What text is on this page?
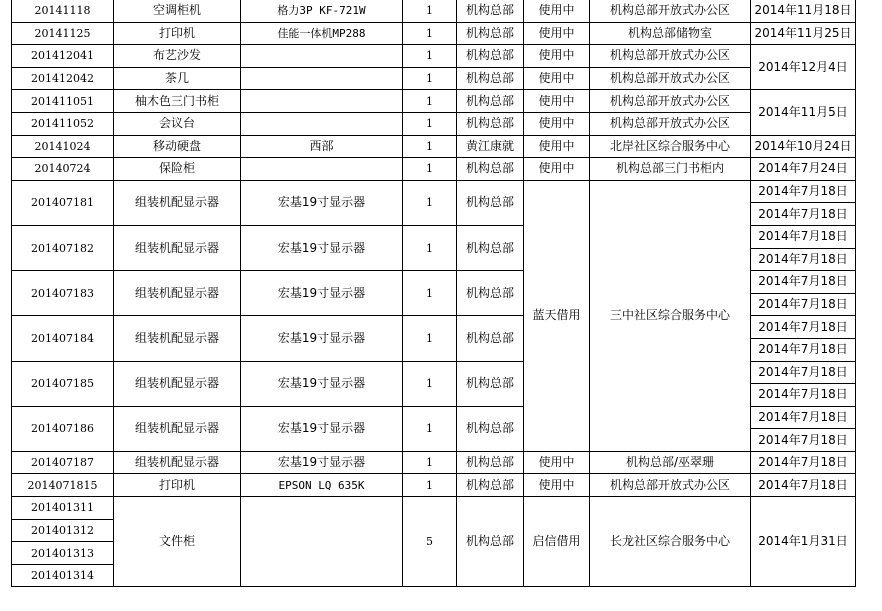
20141118	空调柜机	格力3P KF-721W	1	机构总部	使用中	机构总部开放式办公区	2014年11月18日
20141125	打印机	佳能一体机MP288	1	机构总部	使用中	机构总部储物室	2014年11月25日
201412041	布艺沙发		1	机构总部	使用中	机构总部开放式办公区	2014年12月4日
201412042	茶几		1	机构总部	使用中	机构总部开放式办公区	
201411051	柚木色三门书柜		1	机构总部	使用中	机构总部开放式办公区	2014年11月5日
201411052	会议台		1	机构总部	使用中	机构总部开放式办公区	
20141024	移动硬盘	西部	1	黄江康就	使用中	北岸社区综合服务中心	2014年10月24日
20140724	保险柜		1	机构总部	使用中	机构总部三门书柜内	2014年7月24日
201407181	组装机配显示器	宏基19寸显示器	1	机构总部	蓝天借用	三中社区综合服务中心	2014年7月18日
							2014年7月18日
201407182	组装机配显示器	宏基19寸显示器	1	机构总部			2014年7月18日
							2014年7月18日
201407183	组装机配显示器	宏基19寸显示器	1	机构总部			2014年7月18日
							2014年7月18日
201407184	组装机配显示器	宏基19寸显示器	1	机构总部			2014年7月18日
							2014年7月18日
201407185	组装机配显示器	宏基19寸显示器	1	机构总部			2014年7月18日
							2014年7月18日
201407186	组装机配显示器	宏基19寸显示器	1	机构总部			2014年7月18日
							2014年7月18日
201407187	组装机配显示器	宏基19寸显示器	1	机构总部	使用中	机构总部/巫翠珊	2014年7月18日

2014071815	打印机	EPSON LQ 635K	1	机构总部	使用中	机构总部开放式办公区	2014年7月18日
201401311	文件柜		5	机构总部	启信借用	长龙社区综合服务中心	2014年1月31日
201401312							
201401313							
201401314							
